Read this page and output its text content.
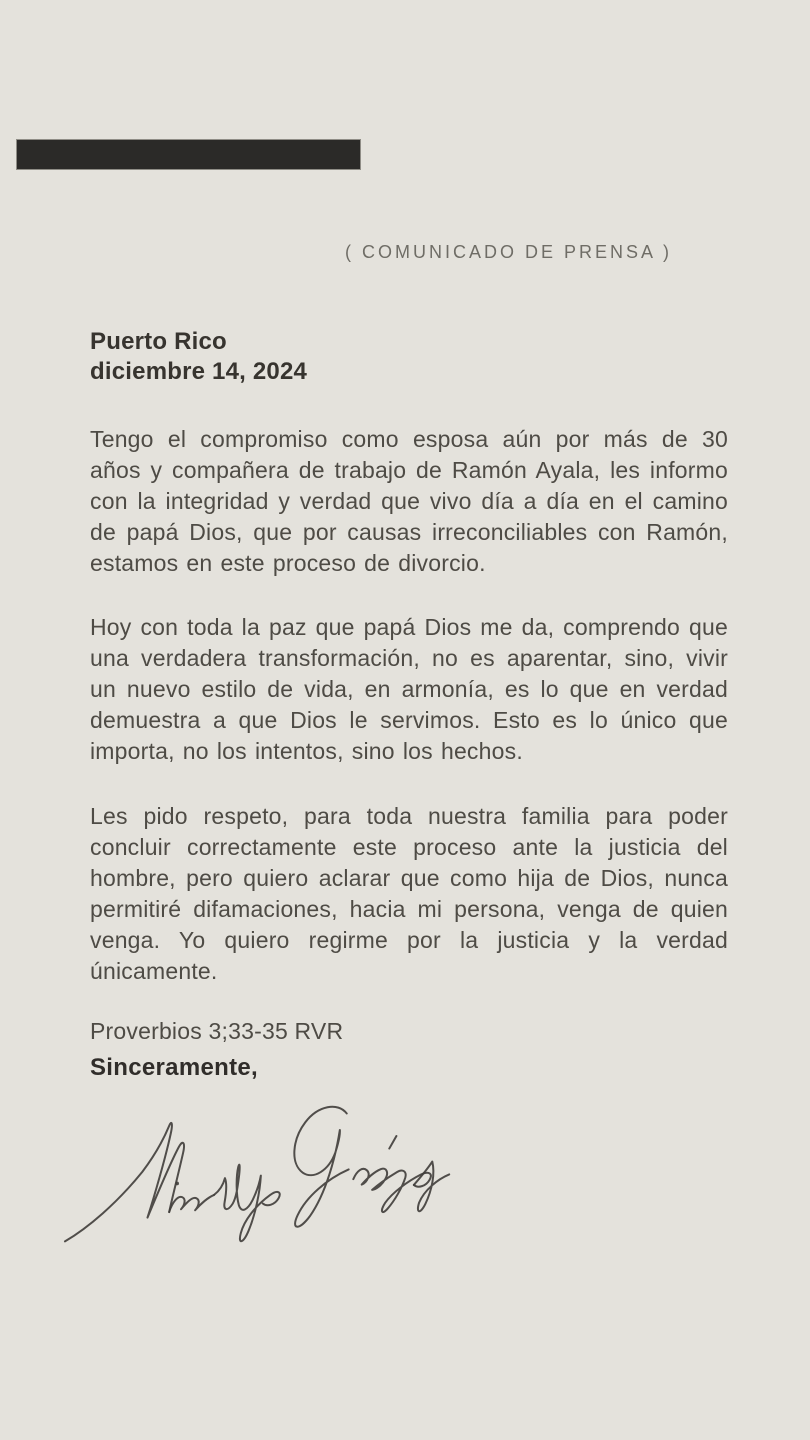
( COMUNICADO DE PRENSA )
Puerto Rico
diciembre 14, 2024

Tengo el compromiso como esposa aún por más de 30 años y compañera de trabajo de Ramón Ayala, les informo con la integridad y verdad que vivo día a día en el camino de papá Dios, que por causas irreconciliables con Ramón, estamos en este proceso de divorcio.

Hoy con toda la paz que papá Dios me da, comprendo que una verdadera transformación, no es aparentar, sino, vivir un nuevo estilo de vida, en armonía, es lo que en verdad demuestra a que Dios le servimos. Esto es lo único que importa, no los intentos, sino los hechos.

Les pido respeto, para toda nuestra familia para poder concluir correctamente este proceso ante la justicia del hombre, pero quiero aclarar que como hija de Dios, nunca permitiré difamaciones, hacia mi persona, venga de quien venga. Yo quiero regirme por la justicia y la verdad únicamente.

Proverbios 3;33-35 RVR
Sinceramente,
